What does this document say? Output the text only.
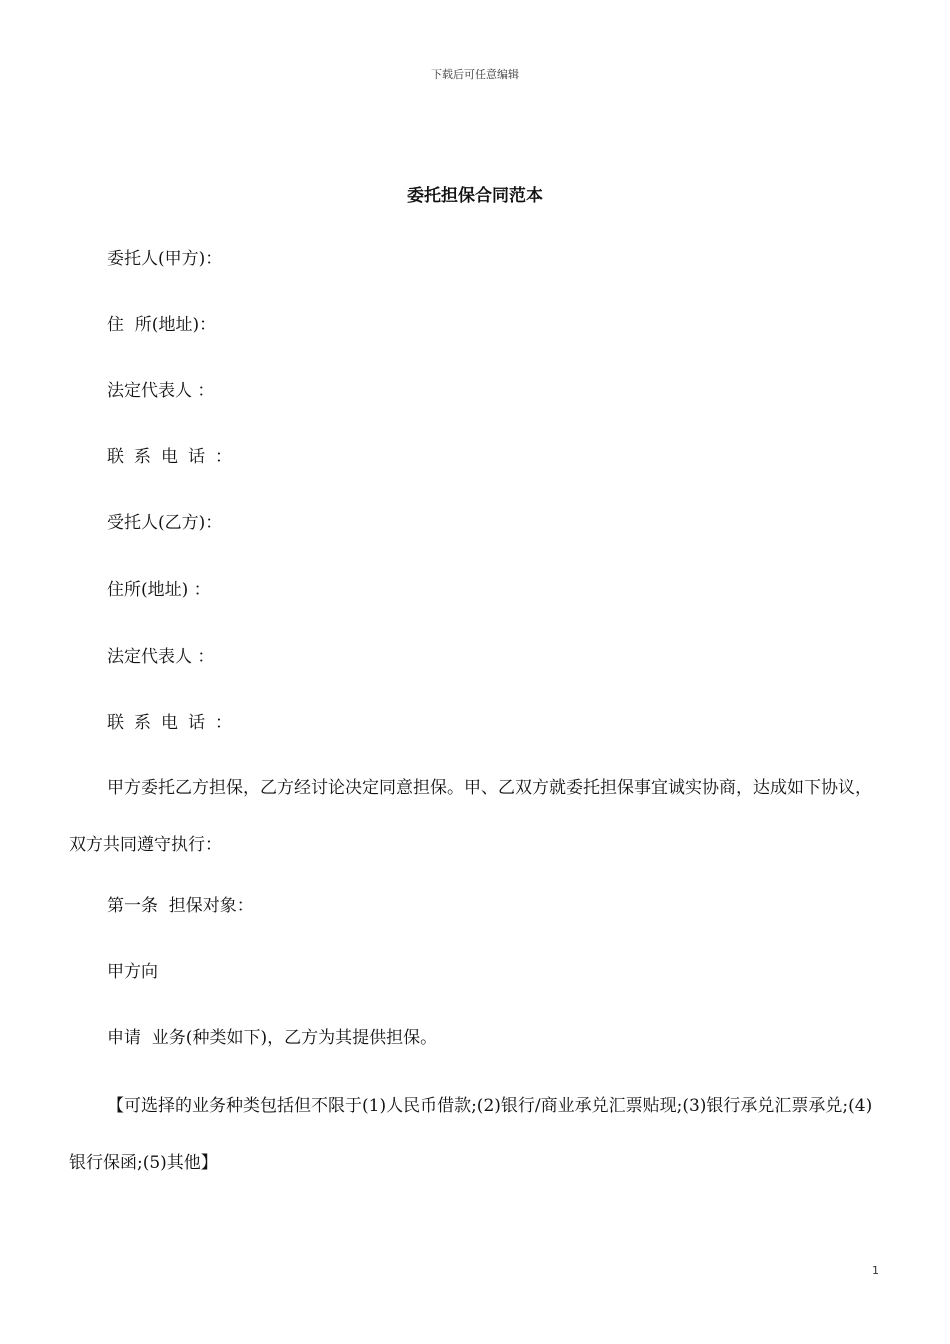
下载后可任意编辑
委托担保合同范本
委托人(甲方)：
住  所(地址)：
法定代表人 ：
联系电话：
受托人(乙方)：
住所(地址) ：
法定代表人 ：
联系电话：
甲方委托乙方担保，乙方经讨论决定同意担保。甲、乙双方就委托担保事宜诚实协商，达成如下协议，双方共同遵守执行：
第一条  担保对象：
甲方向
申请  业务(种类如下)，乙方为其提供担保。
【可选择的业务种类包括但不限于(1)人民币借款;(2)银行/商业承兑汇票贴现;(3)银行承兑汇票承兑;(4)银行保函;(5)其他】
1
